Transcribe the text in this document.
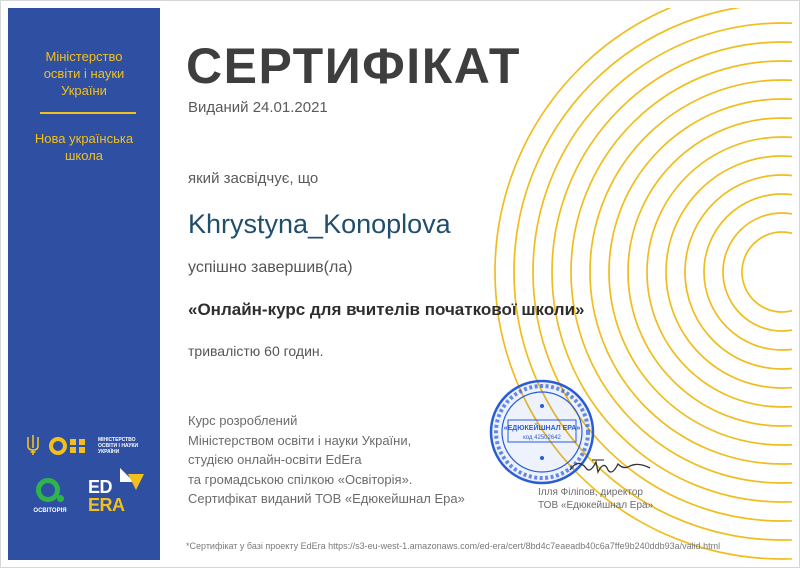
Міністерство
освіти і науки
України
Нова українська
школа
МІНІСТЕРСТВО
ОСВІТИ І НАУКИ
УКРАЇНИ
ОСВІТОРІЯ
ED
ERA
СЕРТИФІКАТ
Виданий 24.01.2021
який засвідчує, що
Khrystyna_Konoplova
успішно завершив(ла)
«Онлайн-курс для вчителів початкової школи»
тривалістю 60 годин.
Курс розроблений
Міністерством освіти і науки України,
студією онлайн-освіти EdEra
та громадською спілкою «Освіторія».
Сертифікат виданий ТОВ «Едюкейшнал Ера»
«ЕДЮКЕЙШНАЛ ЕРА»
код 42502642
Ілля Філіпов, директор
ТОВ «Едюкейшнал Ера»
*Сертифікат у базі проекту EdEra https://s3-eu-west-1.amazonaws.com/ed-era/cert/8bd4c7eaeadb40c6a7ffe9b240ddb93a/valid.html
